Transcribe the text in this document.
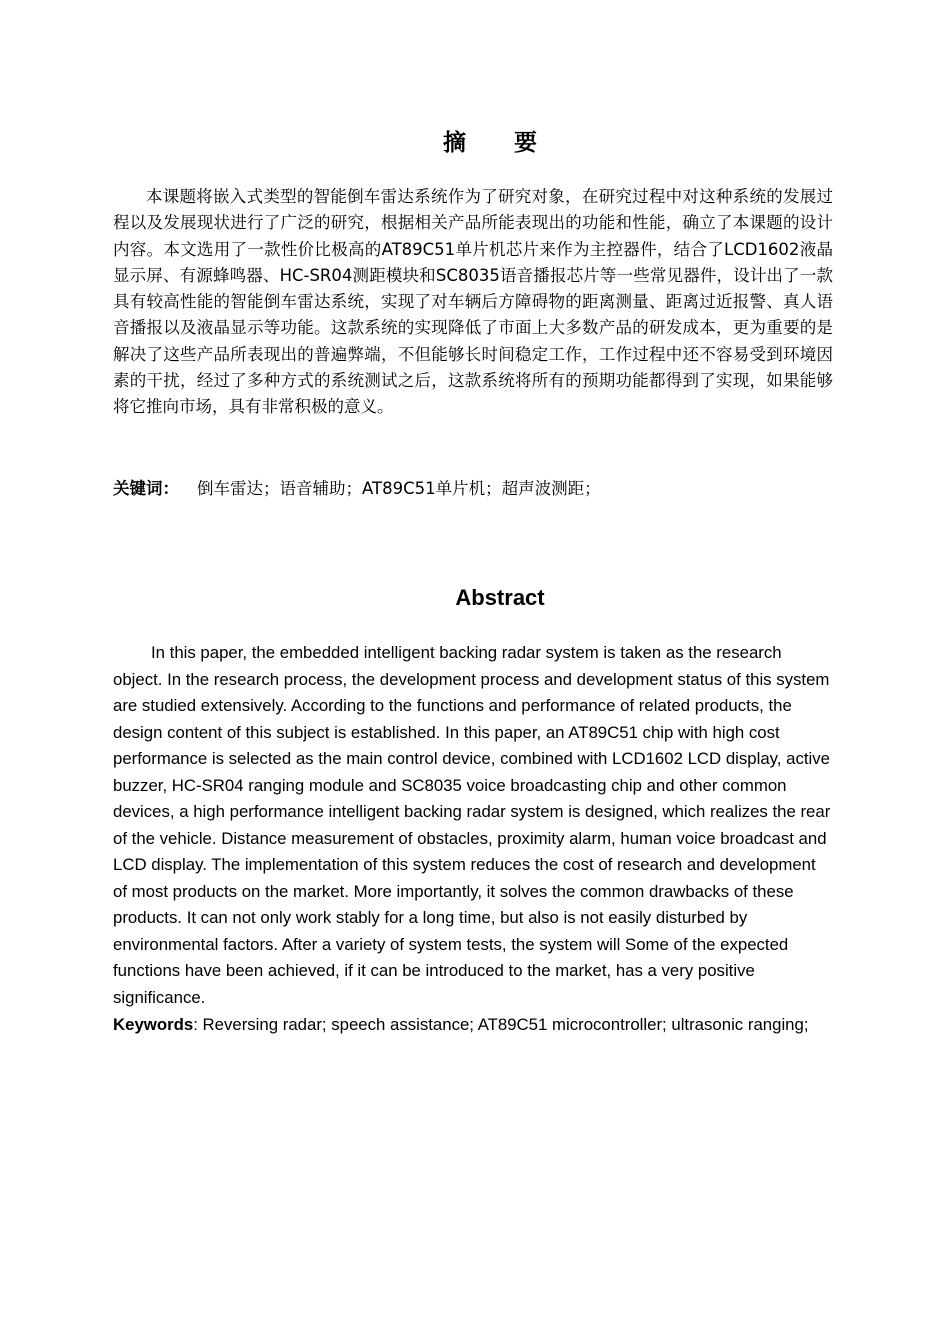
摘 要

本课题将嵌入式类型的智能倒车雷达系统作为了研究对象，在研究过程中对这种系统的发展过程以及发展现状进行了广泛的研究，根据相关产品所能表现出的功能和性能，确立了本课题的设计内容。本文选用了一款性价比极高的AT89C51单片机芯片来作为主控器件，结合了LCD1602液晶显示屏、有源蜂鸣器、HC-SR04测距模块和SC8035语音播报芯片等一些常见器件，设计出了一款具有较高性能的智能倒车雷达系统，实现了对车辆后方障碍物的距离测量、距离过近报警、真人语音播报以及液晶显示等功能。这款系统的实现降低了市面上大多数产品的研发成本，更为重要的是解决了这些产品所表现出的普遍弊端，不但能够长时间稳定工作，工作过程中还不容易受到环境因素的干扰，经过了多种方式的系统测试之后，这款系统将所有的预期功能都得到了实现，如果能够将它推向市场，具有非常积极的意义。

关键词： 倒车雷达；语音辅助；AT89C51单片机；超声波测距；

Abstract

In this paper, the embedded intelligent backing radar system is taken as the research object. In the research process, the development process and development status of this system are studied extensively. According to the functions and performance of related products, the design content of this subject is established. In this paper, an AT89C51 chip with high cost performance is selected as the main control device, combined with LCD1602 LCD display, active buzzer, HC-SR04 ranging module and SC8035 voice broadcasting chip and other common devices, a high performance intelligent backing radar system is designed, which realizes the rear of the vehicle. Distance measurement of obstacles, proximity alarm, human voice broadcast and LCD display. The implementation of this system reduces the cost of research and development of most products on the market. More importantly, it solves the common drawbacks of these products. It can not only work stably for a long time, but also is not easily disturbed by environmental factors. After a variety of system tests, the system will Some of the expected functions have been achieved, if it can be introduced to the market, has a very positive significance.

Keywords: Reversing radar; speech assistance; AT89C51 microcontroller; ultrasonic ranging;
